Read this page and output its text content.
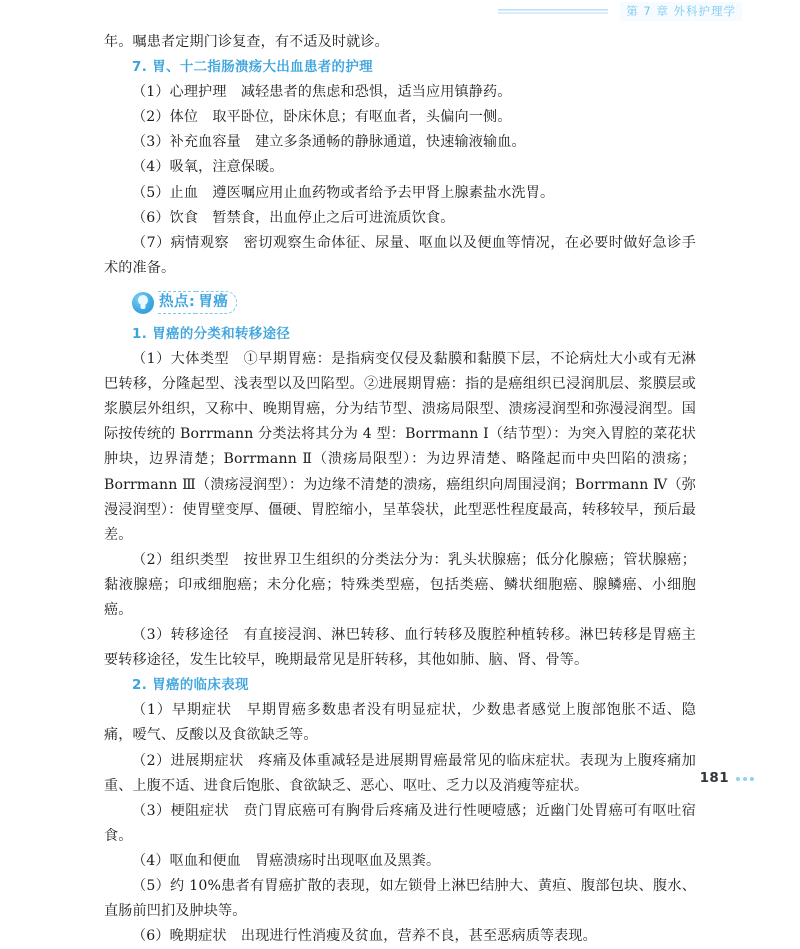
第 7 章 外科护理学

年。嘱患者定期门诊复查，有不适及时就诊。

7. 胃、十二指肠溃疡大出血患者的护理

（1）心理护理　减轻患者的焦虑和恐惧，适当应用镇静药。

（2）体位　取平卧位，卧床休息；有呕血者，头偏向一侧。

（3）补充血容量　建立多条通畅的静脉通道，快速输液输血。

（4）吸氧，注意保暖。

（5）止血　遵医嘱应用止血药物或者给予去甲肾上腺素盐水洗胃。

（6）饮食　暂禁食，出血停止之后可进流质饮食。

（7）病情观察　密切观察生命体征、尿量、呕血以及便血等情况，在必要时做好急诊手术的准备。

热点: 胃癌
1. 胃癌的分类和转移途径

（1）大体类型　①早期胃癌：是指病变仅侵及黏膜和黏膜下层，不论病灶大小或有无淋巴转移，分隆起型、浅表型以及凹陷型。②进展期胃癌：指的是癌组织已浸润肌层、浆膜层或浆膜层外组织，又称中、晚期胃癌，分为结节型、溃疡局限型、溃疡浸润型和弥漫浸润型。国际按传统的 Borrmann 分类法将其分为 4 型：Borrmann Ⅰ（结节型）：为突入胃腔的菜花状肿块，边界清楚；Borrmann Ⅱ（溃疡局限型）：为边界清楚、略隆起而中央凹陷的溃疡；Borrmann Ⅲ（溃疡浸润型）：为边缘不清楚的溃疡，癌组织向周围浸润；Borrmann Ⅳ（弥漫浸润型）：使胃壁变厚、僵硬、胃腔缩小，呈革袋状，此型恶性程度最高，转移较早，预后最差。

（2）组织类型　按世界卫生组织的分类法分为：乳头状腺癌；低分化腺癌；管状腺癌；黏液腺癌；印戒细胞癌；未分化癌；特殊类型癌，包括类癌、鳞状细胞癌、腺鳞癌、小细胞癌。

（3）转移途径　有直接浸润、淋巴转移、血行转移及腹腔种植转移。淋巴转移是胃癌主要转移途径，发生比较早，晚期最常见是肝转移，其他如肺、脑、肾、骨等。

2. 胃癌的临床表现

（1）早期症状　早期胃癌多数患者没有明显症状，少数患者感觉上腹部饱胀不适、隐痛，嗳气、反酸以及食欲缺乏等。

（2）进展期症状　疼痛及体重减轻是进展期胃癌最常见的临床症状。表现为上腹疼痛加重、上腹不适、进食后饱胀、食欲缺乏、恶心、呕吐、乏力以及消瘦等症状。

（3）梗阻症状　贲门胃底癌可有胸骨后疼痛及进行性哽噎感；近幽门处胃癌可有呕吐宿食。

（4）呕血和便血　胃癌溃疡时出现呕血及黑粪。

（5）约 10%患者有胃癌扩散的表现，如左锁骨上淋巴结肿大、黄疸、腹部包块、腹水、直肠前凹扪及肿块等。

（6）晚期症状　出现进行性消瘦及贫血，营养不良，甚至恶病质等表现。

181
